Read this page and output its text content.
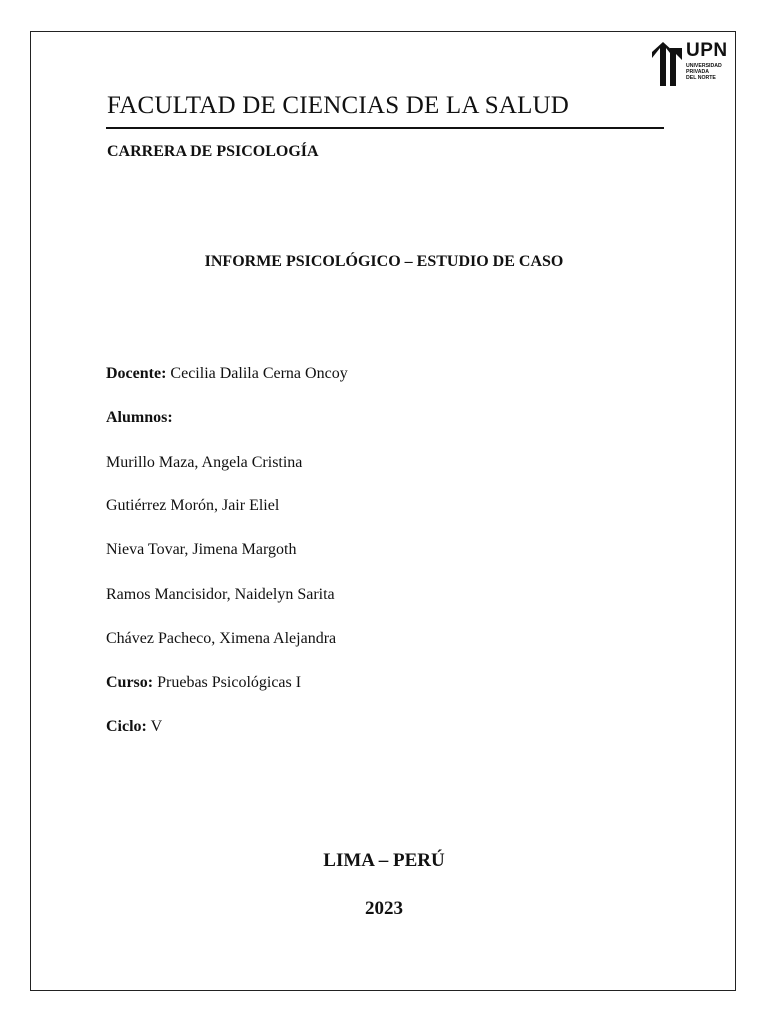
UPN
UNIVERSIDAD
PRIVADA
DEL NORTE
FACULTAD DE CIENCIAS DE LA SALUD
CARRERA DE PSICOLOGÍA
INFORME PSICOLÓGICO – ESTUDIO DE CASO
Docente: Cecilia Dalila Cerna Oncoy
Alumnos:
Murillo Maza, Angela Cristina
Gutiérrez Morón, Jair Eliel
Nieva Tovar, Jimena Margoth
Ramos Mancisidor, Naidelyn Sarita
Chávez Pacheco, Ximena Alejandra
Curso: Pruebas Psicológicas I
Ciclo: V
LIMA – PERÚ
2023
